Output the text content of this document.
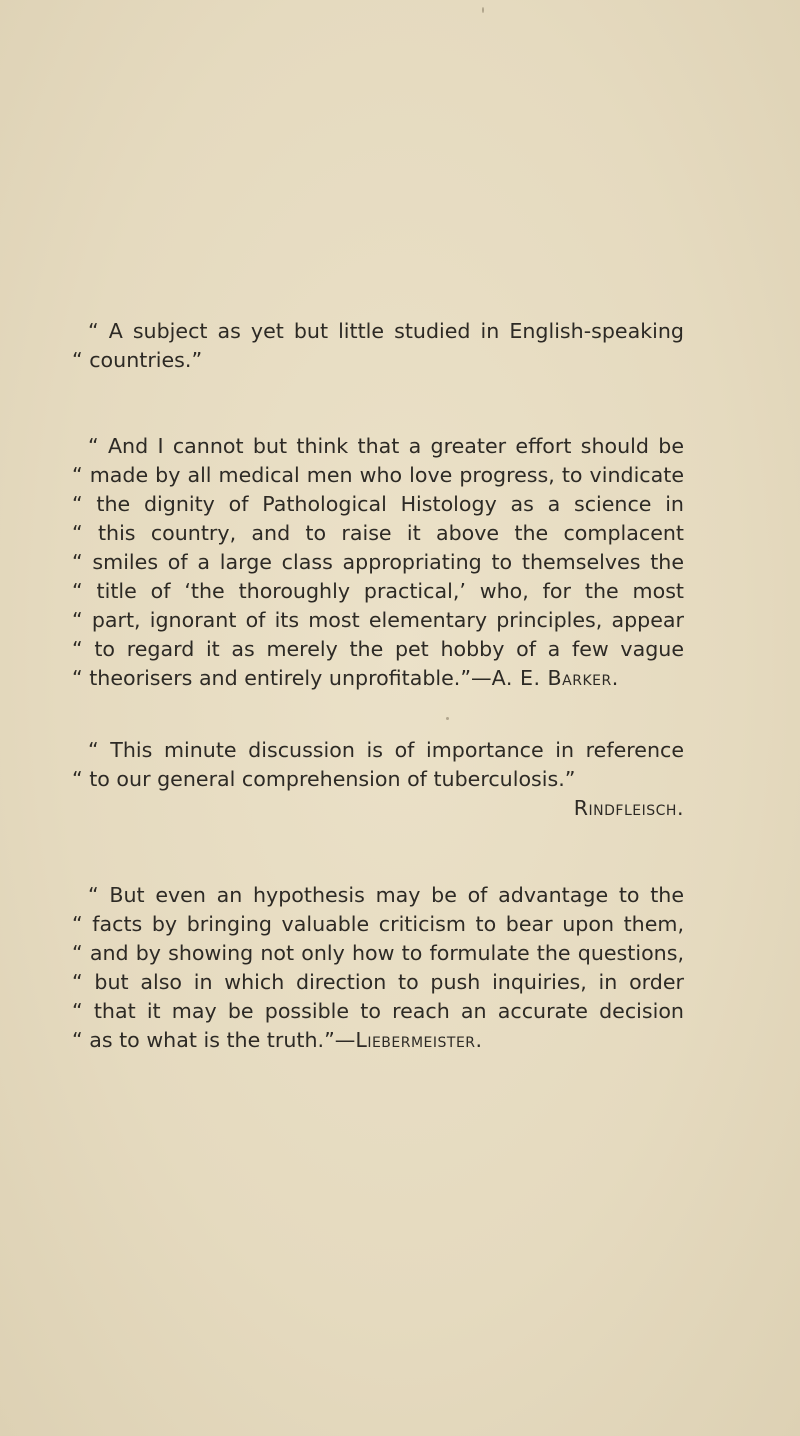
“ A subject as yet but little studied in English-speaking
“ countries.”
“ And I cannot but think that a greater effort should be
“ made by all medical men who love progress, to vindicate
“ the dignity of Pathological Histology as a science in
“ this country, and to raise it above the complacent
“ smiles of a large class appropriating to themselves the
“ title of ‘the thoroughly practical,’ who, for the most
“ part, ignorant of its most elementary principles, appear
“ to regard it as merely the pet hobby of a few vague
“ theorisers and entirely unprofitable.”—A. E. Barker.
“ This minute discussion is of importance in reference
“ to our general comprehension of tuberculosis.”
Rindfleisch.
“ But even an hypothesis may be of advantage to the
“ facts by bringing valuable criticism to bear upon them,
“ and by showing not only how to formulate the questions,
“ but also in which direction to push inquiries, in order
“ that it may be possible to reach an accurate decision
“ as to what is the truth.”—Liebermeister.
